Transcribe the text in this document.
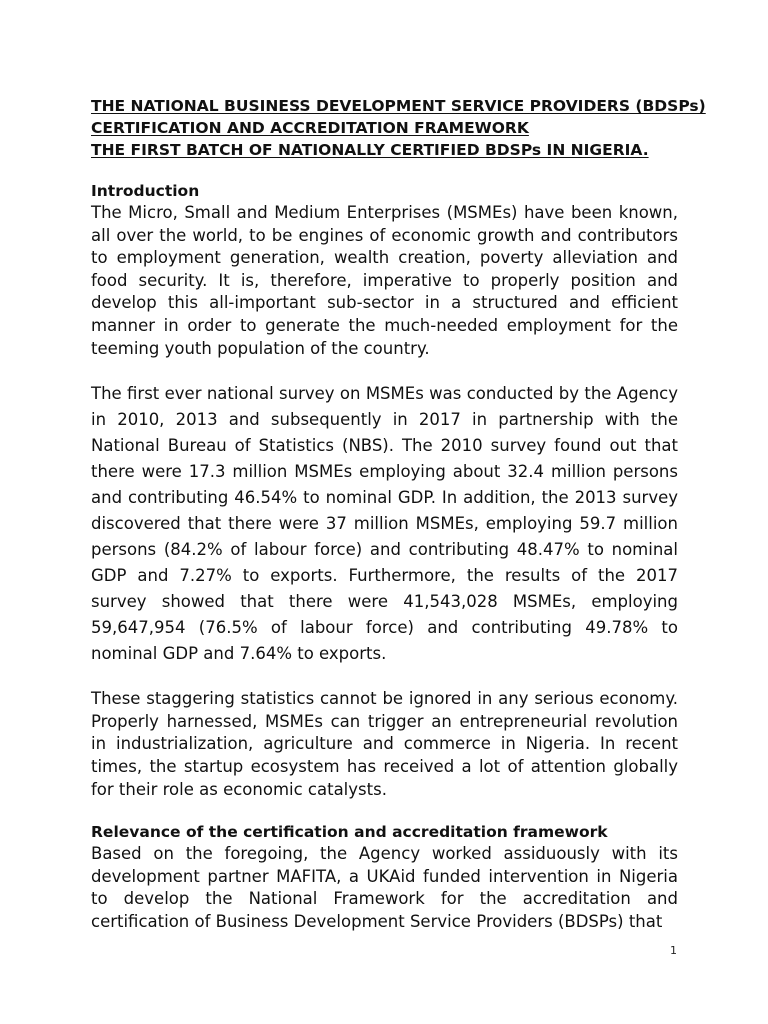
THE NATIONAL BUSINESS DEVELOPMENT SERVICE PROVIDERS (BDSPs)
CERTIFICATION AND ACCREDITATION FRAMEWORK
THE FIRST BATCH OF NATIONALLY CERTIFIED BDSPs IN NIGERIA.

Introduction

The Micro, Small and Medium Enterprises (MSMEs) have been known, all over the world, to be engines of economic growth and contributors to employment generation, wealth creation, poverty alleviation and food security. It is, therefore, imperative to properly position and develop this all-important sub-sector in a structured and efficient manner in order to generate the much-needed employment for the teeming youth population of the country.

The first ever national survey on MSMEs was conducted by the Agency in 2010, 2013 and subsequently in 2017 in partnership with the National Bureau of Statistics (NBS). The 2010 survey found out that there were 17.3 million MSMEs employing about 32.4 million persons and contributing 46.54% to nominal GDP. In addition, the 2013 survey discovered that there were 37 million MSMEs, employing 59.7 million persons (84.2% of labour force) and contributing 48.47% to nominal GDP and 7.27% to exports. Furthermore, the results of the 2017 survey showed that there were 41,543,028 MSMEs, employing 59,647,954 (76.5% of labour force) and contributing 49.78% to nominal GDP and 7.64% to exports.

These staggering statistics cannot be ignored in any serious economy. Properly harnessed, MSMEs can trigger an entrepreneurial revolution in industrialization, agriculture and commerce in Nigeria. In recent times, the startup ecosystem has received a lot of attention globally for their role as economic catalysts.

Relevance of the certification and accreditation framework

Based on the foregoing, the Agency worked assiduously with its development partner MAFITA, a UKAid funded intervention in Nigeria to develop the National Framework for the accreditation and certification of Business Development Service Providers (BDSPs) that

1
